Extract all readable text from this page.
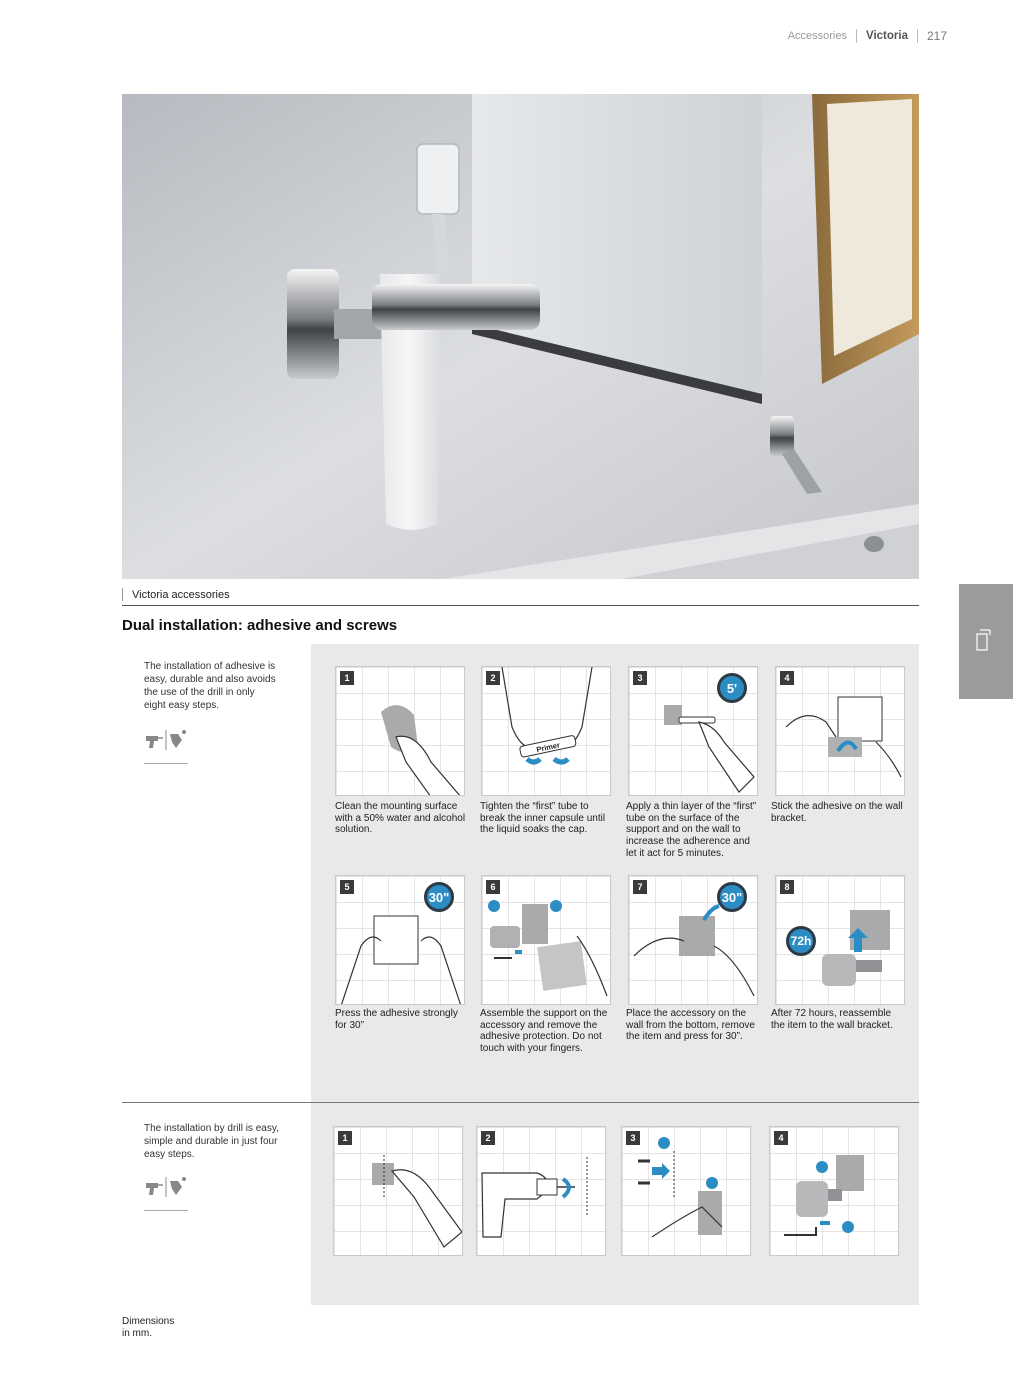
Accessories Victoria 217
Victoria accessories
Dual installation: adhesive and screws
The installation of adhesive is easy, durable and also avoids the use of the drill in only eight easy steps.
The installation by drill is easy, simple and durable in just four easy steps.
1
Clean the mounting surface with a 50% water and alcohol solution.
2
Primer
Tighten the “first” tube to break the inner capsule until the liquid soaks the cap.
3
5'
Apply a thin layer of the “first” tube on the surface of the support and on the wall to increase the adherence and let it act for 5 minutes.
4
Stick the adhesive on the wall bracket.
5
30"
Press the adhesive strongly for 30”
6
Assemble the support on the accessory and remove the adhesive protection. Do not touch with your fingers.
7
30"
Place the accessory on the wall from the bottom, remove the item and press for 30”.
8
72h
After 72 hours, reassemble the item to the wall bracket.
1	2	3	4
Dimensions
in mm.
